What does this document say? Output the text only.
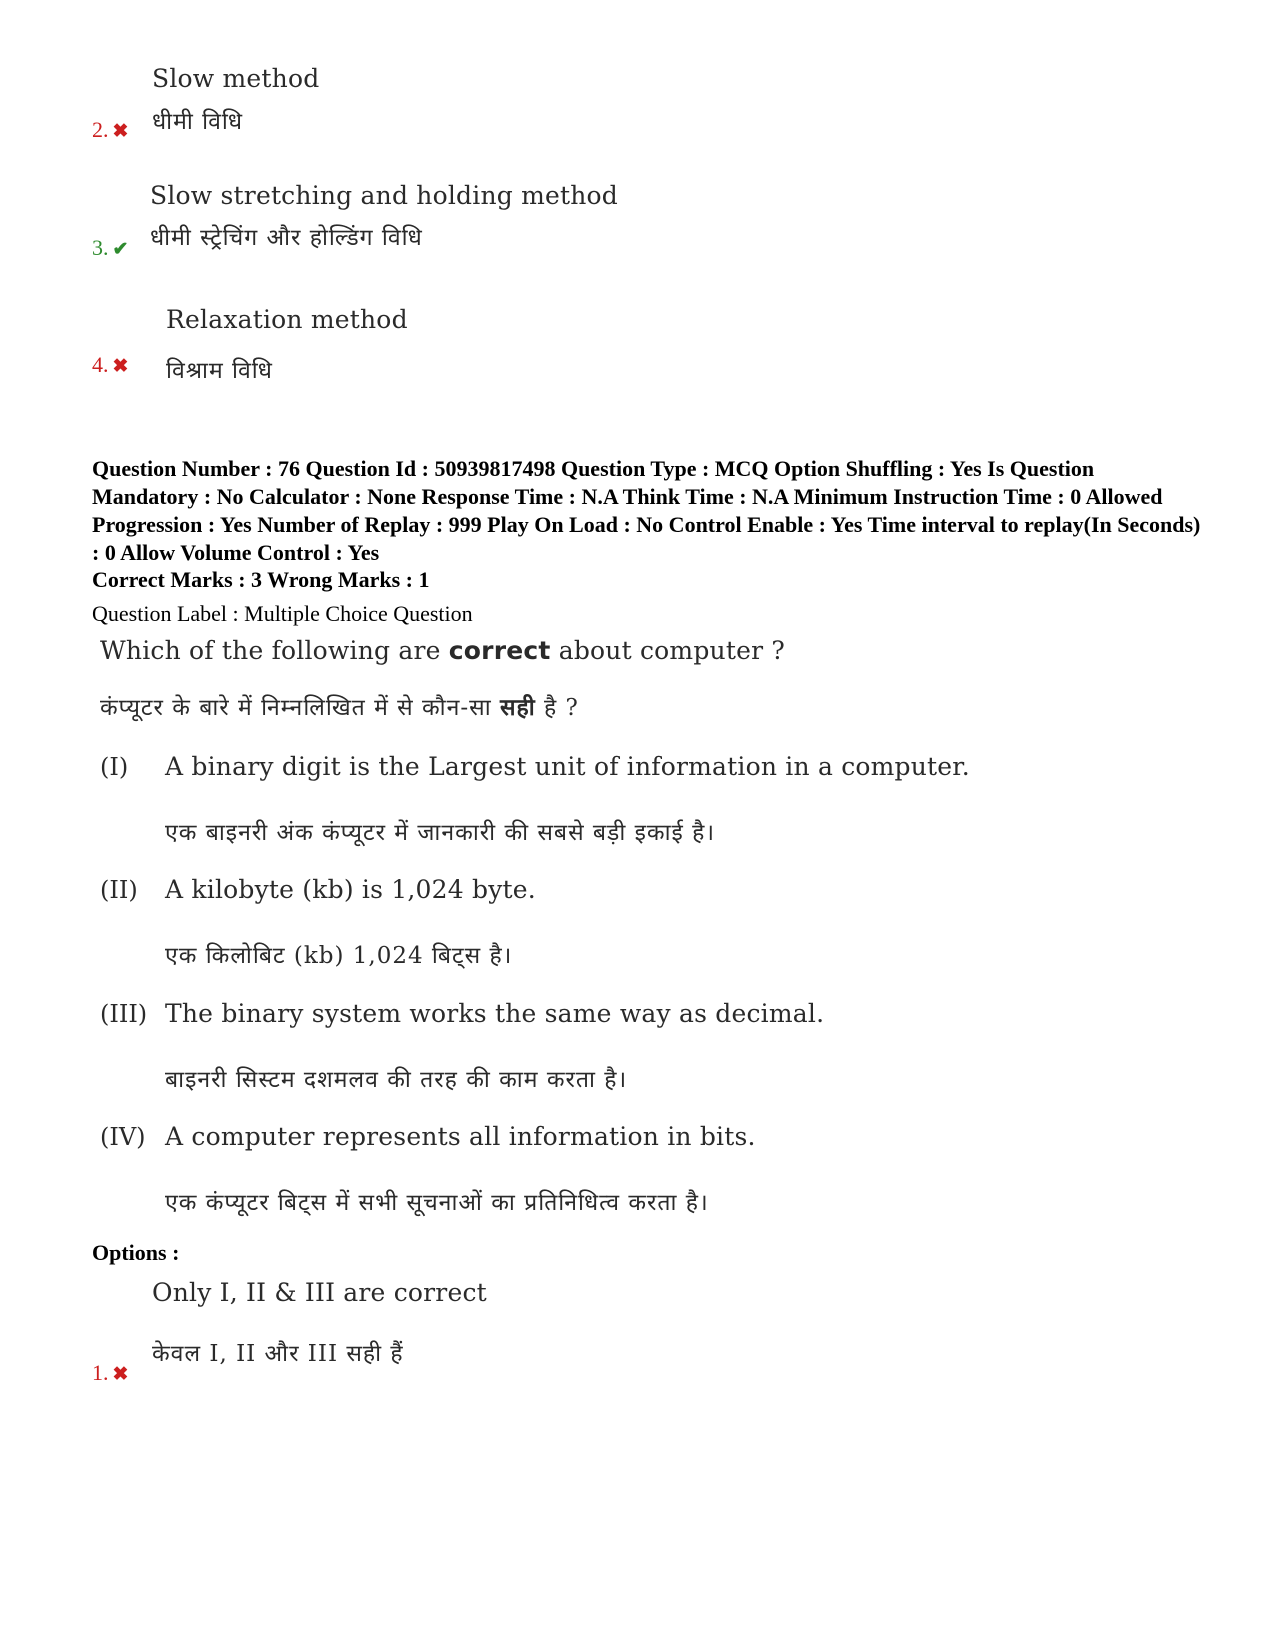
Slow method
धीमी विधि
2. ✖
Slow stretching and holding method
धीमी स्ट्रेचिंग और होल्डिंग विधि
3. ✔
Relaxation method
विश्राम विधि
4. ✖
Question Number : 76 Question Id : 50939817498 Question Type : MCQ Option Shuffling : Yes Is Question Mandatory : No Calculator : None Response Time : N.A Think Time : N.A Minimum Instruction Time : 0 Allowed Progression : Yes Number of Replay : 999 Play On Load : No Control Enable : Yes Time interval to replay(In Seconds) : 0 Allow Volume Control : Yes
Correct Marks : 3 Wrong Marks : 1
Question Label : Multiple Choice Question
Which of the following are correct about computer ?
कंप्यूटर के बारे में निम्नलिखित में से कौन-सा सही है ?
(I) A binary digit is the Largest unit of information in a computer.
एक बाइनरी अंक कंप्यूटर में जानकारी की सबसे बड़ी इकाई है।
(II) A kilobyte (kb) is 1,024 byte.
एक किलोबिट (kb) 1,024 बिट्स है।
(III) The binary system works the same way as decimal.
बाइनरी सिस्टम दशमलव की तरह की काम करता है।
(IV) A computer represents all information in bits.
एक कंप्यूटर बिट्स में सभी सूचनाओं का प्रतिनिधित्व करता है।
Options :
Only I, II & III are correct
केवल I, II और III सही हैं
1. ✖
